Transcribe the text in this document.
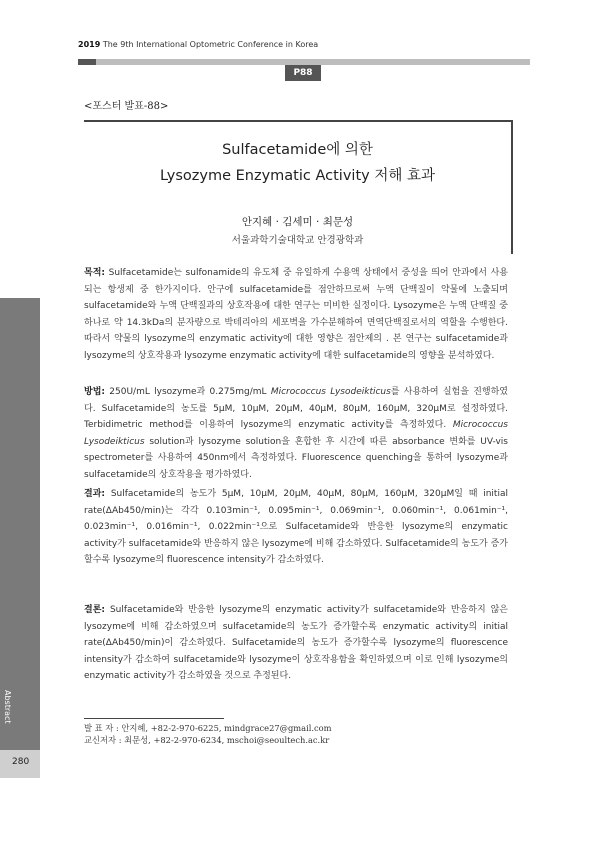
2019 The 9th International Optometric Conference in Korea
P88
<포스터 발표-88>
Sulfacetamide에 의한
Lysozyme Enzymatic Activity 저해 효과
안지혜 · 김세미 · 최문성
서울과학기술대학교 안경광학과
목적: Sulfacetamide는 sulfonamide의 유도체 중 유일하게 수용액 상태에서 중성을 띄어 안과에서 사용되는 항생제 중 한가지이다. 안구에 sulfacetamide를 점안하므로써 누액 단백질이 약물에 노출되며 sulfacetamide와 누액 단백질과의 상호작용에 대한 연구는 미비한 실정이다. Lysozyme은 누액 단백질 중 하나로 약 14.3kDa의 분자량으로 박테리아의 세포벽을 가수분해하여 면역단백질로서의 역할을 수행한다. 따라서 약물의 lysozyme의 enzymatic activity에 대한 영향은 점안제의 . 본 연구는 sulfacetamide과 lysozyme의 상호작용과 lysozyme enzymatic activity에 대한 sulfacetamide의 영향을 분석하였다.
방법: 250U/mL lysozyme과 0.275mg/mL Micrococcus Lysodeikticus를 사용하여 실험을 진행하였다. Sulfacetamide의 농도를 5μM, 10μM, 20μM, 40μM, 80μM, 160μM, 320μM로 설정하였다. Terbidimetric method를 이용하여 lysozyme의 enzymatic activity를 측정하였다. Micrococcus Lysodeikticus solution과 lysozyme solution을 혼합한 후 시간에 따른 absorbance 변화를 UV-vis spectrometer를 사용하여 450nm에서 측정하였다. Fluorescence quenching을 통하여 lysozyme과 sulfacetamide의 상호작용을 평가하였다.
결과: Sulfacetamide의 농도가 5μM, 10μM, 20μM, 40μM, 80μM, 160μM, 320μM일 때 initial rate(ΔAb450/min)는 각각 0.103min⁻¹, 0.095min⁻¹, 0.069min⁻¹, 0.060min⁻¹, 0.061min⁻¹, 0.023min⁻¹, 0.016min⁻¹, 0.022min⁻¹으로 Sulfacetamide와 반응한 lysozyme의 enzymatic activity가 sulfacetamide와 반응하지 않은 lysozyme에 비해 감소하였다. Sulfacetamide의 농도가 증가할수록 lysozyme의 fluorescence intensity가 감소하였다.
결론: Sulfacetamide와 반응한 lysozyme의 enzymatic activity가 sulfacetamide와 반응하지 않은 lysozyme에 비해 감소하였으며 sulfacetamide의 농도가 증가할수록 enzymatic activity의 initial rate(ΔAb450/min)이 감소하였다. Sulfacetamide의 농도가 증가할수록 lysozyme의 fluorescence intensity가 감소하여 sulfacetamide와 lysozyme이 상호작용함을 확인하였으며 이로 인해 lysozyme의 enzymatic activity가 감소하였을 것으로 추정된다.
발 표 자 : 안지혜, +82-2-970-6225, mindgrace27@gmail.com
교신저자 : 최문성, +82-2-970-6234, mschoi@seoultech.ac.kr
Abstract
280
